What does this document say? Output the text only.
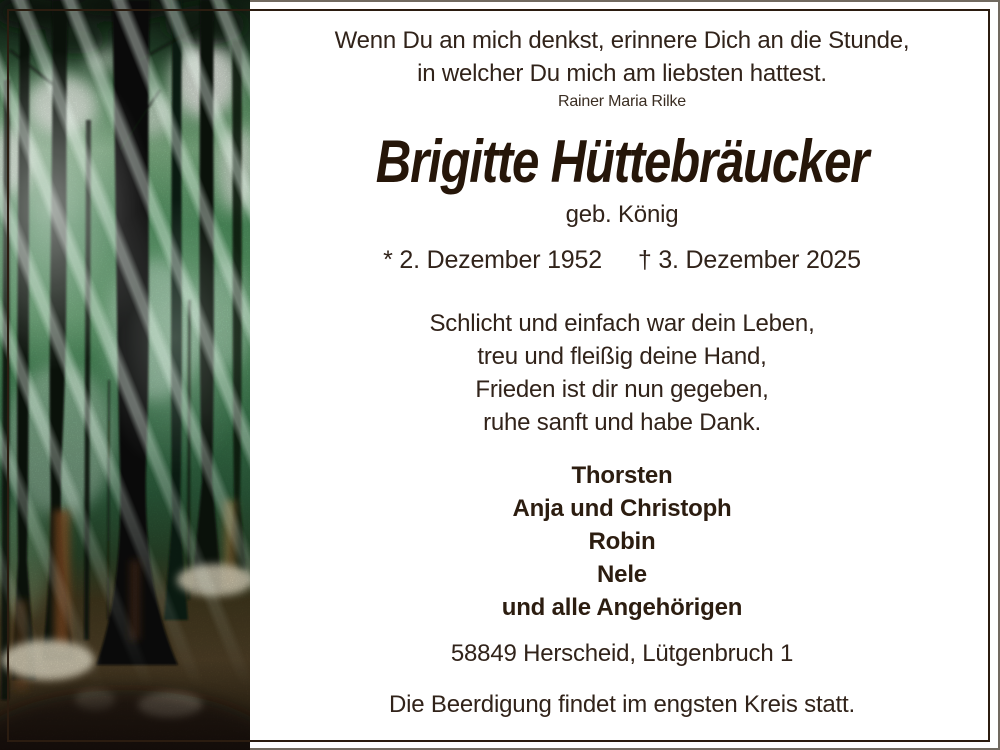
Wenn Du an mich denkst, erinnere Dich an die Stunde,
in welcher Du mich am liebsten hattest.
Rainer Maria Rilke
Brigitte Hüttebräucker
geb. König
* 2. Dezember 1952 † 3. Dezember 2025
Schlicht und einfach war dein Leben,
treu und fleißig deine Hand,
Frieden ist dir nun gegeben,
ruhe sanft und habe Dank.
Thorsten
Anja und Christoph
Robin
Nele
und alle Angehörigen
58849 Herscheid, Lütgenbruch 1
Die Beerdigung findet im engsten Kreis statt.
